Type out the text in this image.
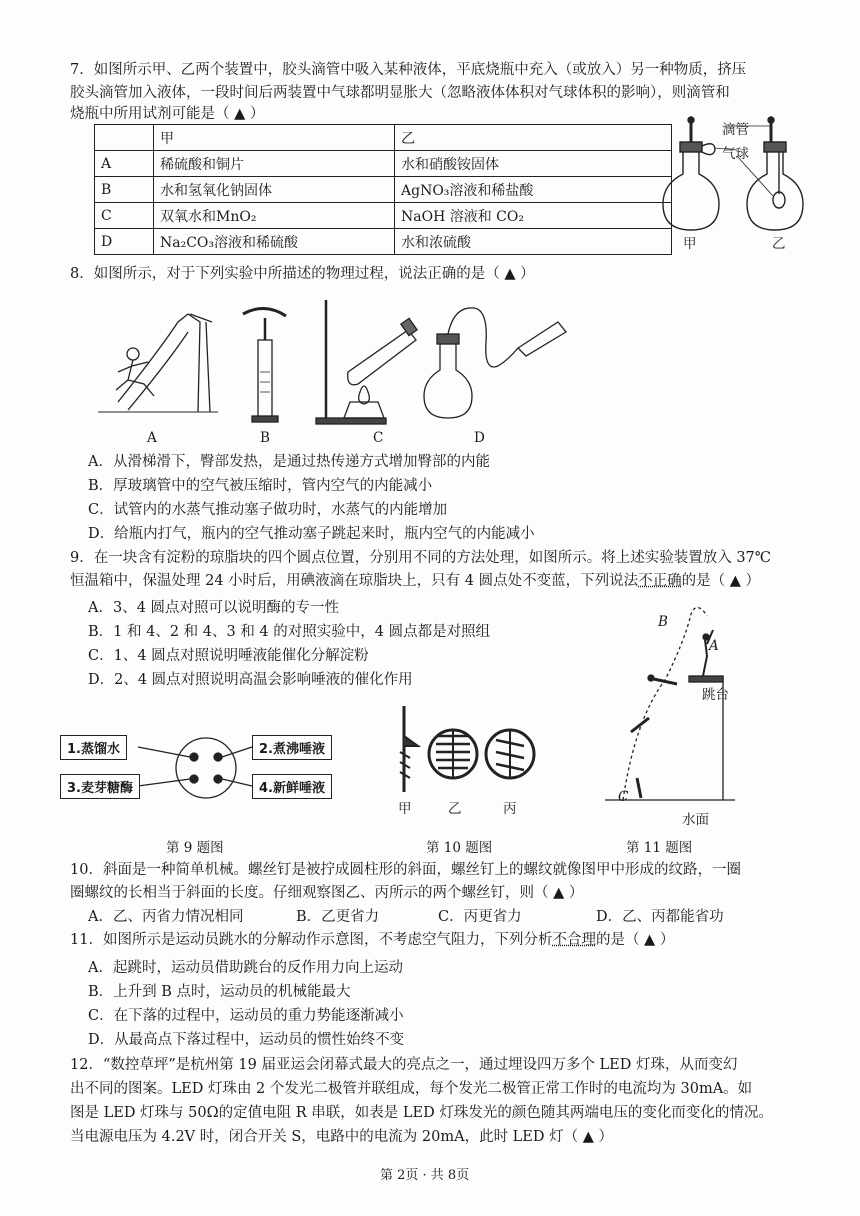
7．如图所示甲、乙两个装置中，胶头滴管中吸入某种液体，平底烧瓶中充入（或放入）另一种物质，挤压
胶头滴管加入液体，一段时间后两装置中气球都明显胀大（忽略液体体积对气球体积的影响），则滴管和
烧瓶中所用试剂可能是（ ▲ ）
	甲	乙
A	稀硫酸和铜片	水和硝酸铵固体
B	水和氢氧化钠固体	AgNO₃溶液和稀盐酸
C	双氧水和MnO₂	NaOH 溶液和 CO₂
D	Na₂CO₃溶液和稀硫酸	水和浓硫酸
滴管
气球
甲	乙
8．如图所示，对于下列实验中所描述的物理过程，说法正确的是（ ▲ ）
A	B	C	D
A．从滑梯滑下，臀部发热，是通过热传递方式增加臀部的内能
B．厚玻璃管中的空气被压缩时，管内空气的内能减小
C．试管内的水蒸气推动塞子做功时，水蒸气的内能增加
D．给瓶内打气，瓶内的空气推动塞子跳起来时，瓶内空气的内能减小
9．在一块含有淀粉的琼脂块的四个圆点位置，分别用不同的方法处理，如图所示。将上述实验装置放入 37℃
恒温箱中，保温处理 24 小时后，用碘液滴在琼脂块上，只有 4 圆点处不变蓝，下列说法不正确的是（ ▲ ）
A．3、4 圆点对照可以说明酶的专一性
B．1 和 4、2 和 4、3 和 4 的对照实验中，4 圆点都是对照组
C．1、4 圆点对照说明唾液能催化分解淀粉
D．2、4 圆点对照说明高温会影响唾液的催化作用
1.蒸馏水	2.煮沸唾液
3.麦芽糖酶	4.新鲜唾液
第 9 题图
甲	乙	丙
第 10 题图
B
A
跳台
C
水面
第 11 题图
10．斜面是一种简单机械。螺丝钉是被拧成圆柱形的斜面，螺丝钉上的螺纹就像图甲中形成的纹路，一圈
圈螺纹的长相当于斜面的长度。仔细观察图乙、丙所示的两个螺丝钉，则（ ▲ ）
A．乙、丙省力情况相同	B．乙更省力	C．丙更省力	D．乙、丙都能省功
11．如图所示是运动员跳水的分解动作示意图，不考虑空气阻力，下列分析不合理的是（ ▲ ）
A．起跳时，运动员借助跳台的反作用力向上运动
B．上升到 B 点时，运动员的机械能最大
C．在下落的过程中，运动员的重力势能逐渐减小
D．从最高点下落过程中，运动员的惯性始终不变
12．“数控草坪”是杭州第 19 届亚运会闭幕式最大的亮点之一，通过埋设四万多个 LED 灯珠，从而变幻
出不同的图案。LED 灯珠由 2 个发光二极管并联组成，每个发光二极管正常工作时的电流均为 30mA。如
图是 LED 灯珠与 50Ω的定值电阻 R 串联，如表是 LED 灯珠发光的颜色随其两端电压的变化而变化的情况。
当电源电压为 4.2V 时，闭合开关 S，电路中的电流为 20mA，此时 LED 灯（ ▲ ）
第 2页 · 共 8页
